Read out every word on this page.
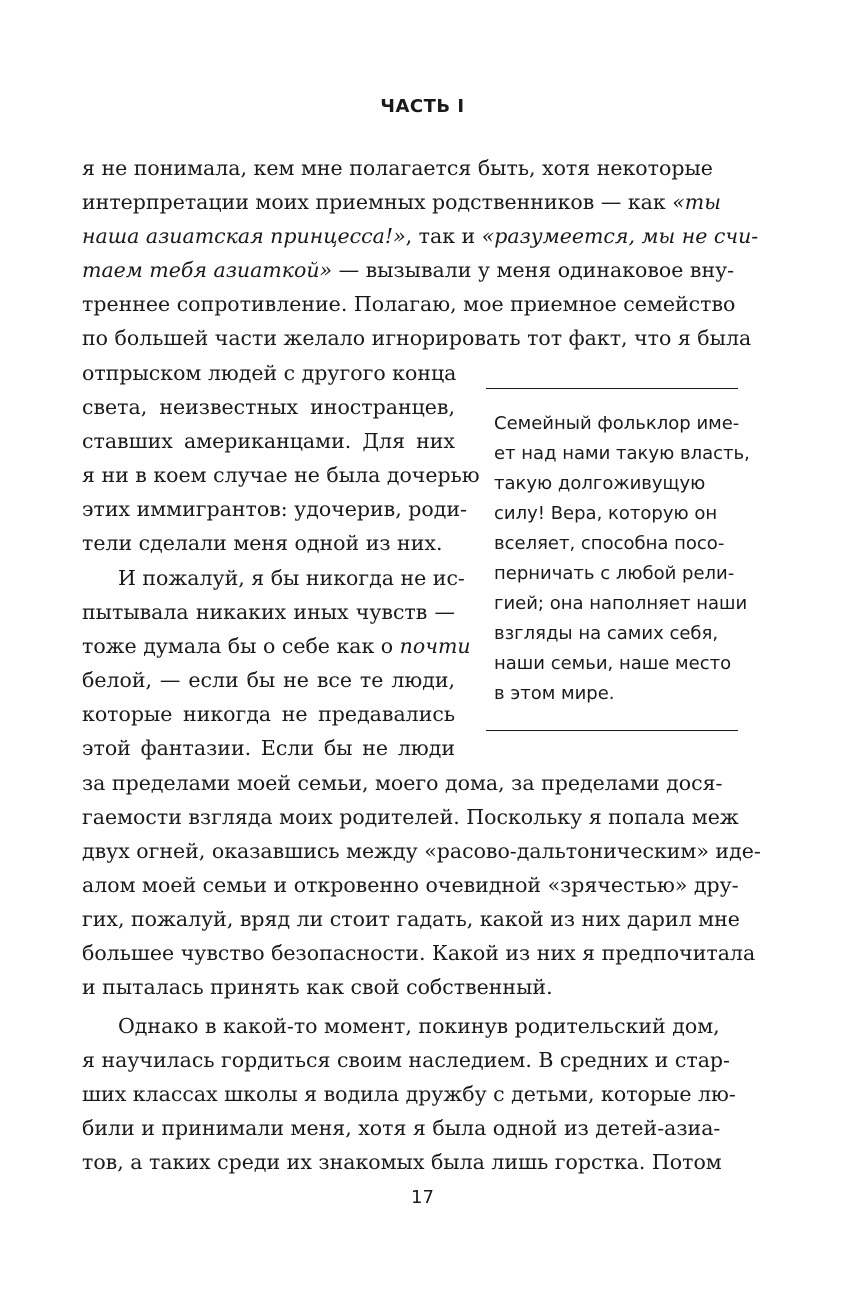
ЧАСТЬ I
я не понимала, кем мне полагается быть, хотя некоторые
интерпретации моих приемных родственников — как «ты
наша азиатская принцесса!», так и «разумеется, мы не счи-
таем тебя азиаткой» — вызывали у меня одинаковое вну-
треннее сопротивление. Полагаю, мое приемное семейство
по большей части желало игнорировать тот факт, что я была
отпрыском людей с другого конца
света, неизвестных иностранцев,
ставших американцами. Для них
я ни в коем случае не была дочерью
этих иммигрантов: удочерив, роди-
тели сделали меня одной из них.
И пожалуй, я бы никогда не ис-
пытывала никаких иных чувств —
тоже думала бы о себе как о почти
белой, — если бы не все те люди,
которые никогда не предавались
этой фантазии. Если бы не люди
за пределами моей семьи, моего дома, за пределами дося-
гаемости взгляда моих родителей. Поскольку я попала меж
двух огней, оказавшись между «расово-дальтоническим» иде-
алом моей семьи и откровенно очевидной «зрячестью» дру-
гих, пожалуй, вряд ли стоит гадать, какой из них дарил мне
большее чувство безопасности. Какой из них я предпочитала
и пыталась принять как свой собственный.
Однако в какой-то момент, покинув родительский дом,
я научилась гордиться своим наследием. В средних и стар-
ших классах школы я водила дружбу с детьми, которые лю-
били и принимали меня, хотя я была одной из детей-азиа-
тов, а таких среди их знакомых была лишь горстка. Потом
Семейный фольклор име-
ет над нами такую власть,
такую долгоживущую
силу! Вера, которую он
вселяет, способна посо-
перничать с любой рели-
гией; она наполняет наши
взгляды на самих себя,
наши семьи, наше место
в этом мире.
17
